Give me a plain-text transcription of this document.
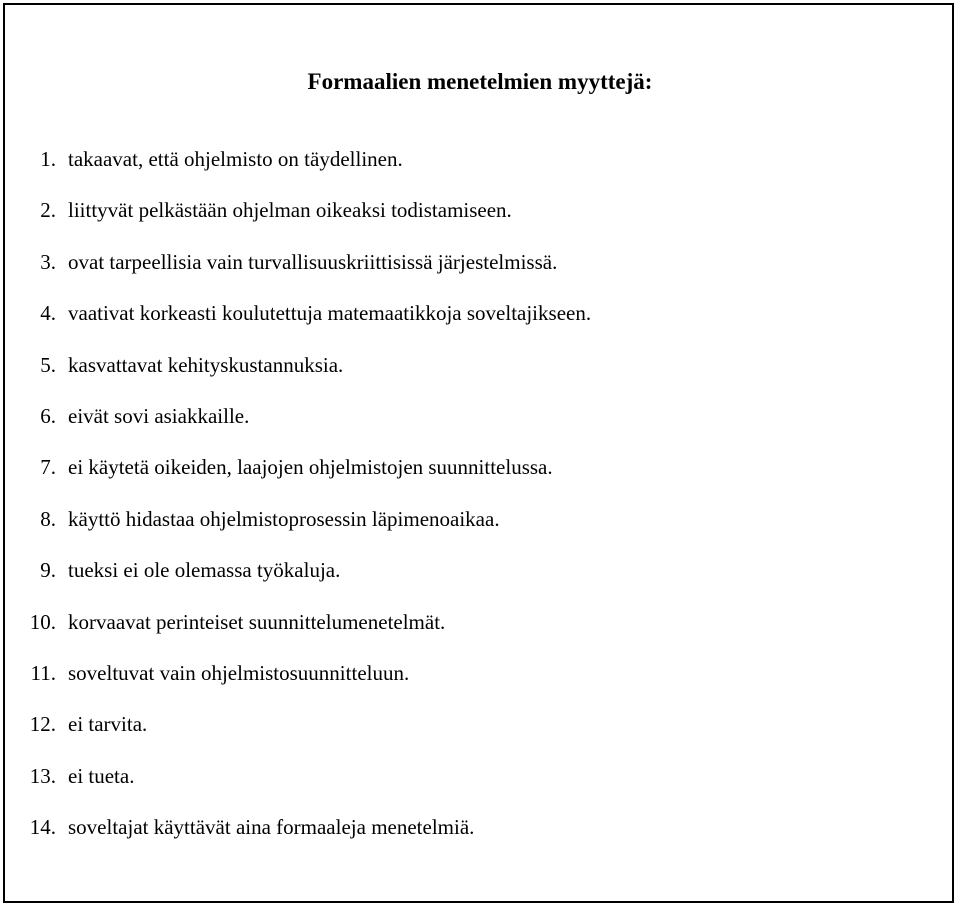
Formaalien menetelmien myyttejä:
1. takaavat, että ohjelmisto on täydellinen.
2. liittyvät pelkästään ohjelman oikeaksi todistamiseen.
3. ovat tarpeellisia vain turvallisuuskriittisissä järjestelmissä.
4. vaativat korkeasti koulutettuja matemaatikkoja soveltajikseen.
5. kasvattavat kehityskustannuksia.
6. eivät sovi asiakkaille.
7. ei käytetä oikeiden, laajojen ohjelmistojen suunnittelussa.
8. käyttö hidastaa ohjelmistoprosessin läpimenoaikaa.
9. tueksi ei ole olemassa työkaluja.
10. korvaavat perinteiset suunnittelumenetelmät.
11. soveltuvat vain ohjelmistosuunnitteluun.
12. ei tarvita.
13. ei tueta.
14. soveltajat käyttävät aina formaaleja menetelmiä.
